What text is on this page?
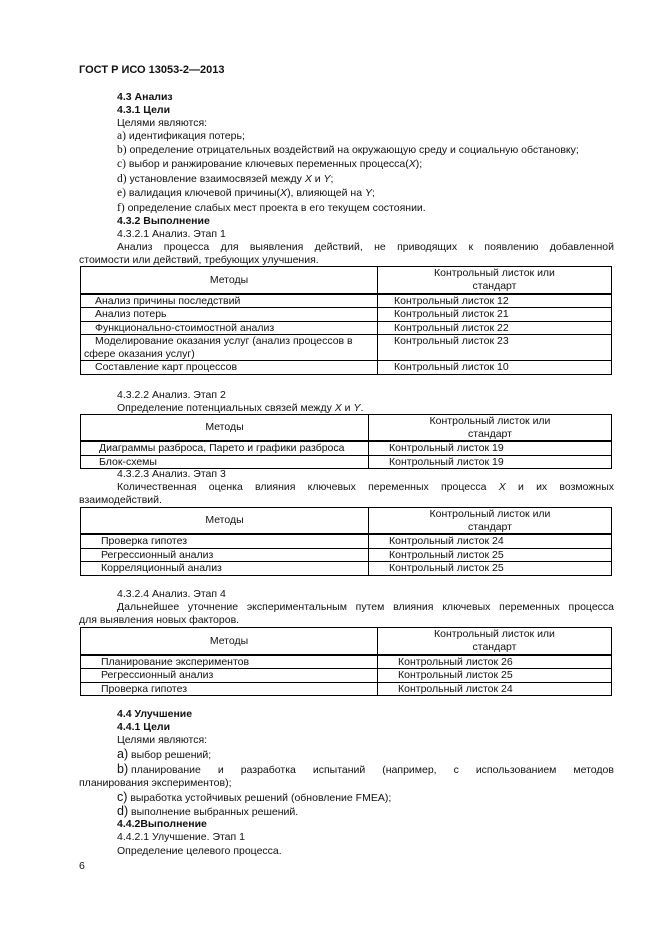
ГОСТ Р ИСО 13053-2—2013
4.3 Анализ
4.3.1 Цели
Целями являются:
a) идентификация потерь;
b) определение отрицательных воздействий на окружающую среду и социальную обстановку;
c) выбор и ранжирование ключевых переменных процесса(X);
d) установление взаимосвязей между X и Y;
e) валидация ключевой причины(X), влияющей на Y;
f) определение слабых мест проекта в его текущем состоянии.
4.3.2 Выполнение
4.3.2.1 Анализ. Этап 1
Анализ процесса для выявления действий, не приводящих к появлению добавленной
стоимости или действий, требующих улучшения.
Методы	Контрольный листок или
стандарт
Анализ причины последствий	Контрольный листок 12
Анализ потерь	Контрольный листок 21
Функционально-стоимостной анализ	Контрольный листок 22
Моделирование оказания услуг (анализ процессов в
сфере оказания услуг)	Контрольный листок 23
Составление карт процессов	Контрольный листок 10
4.3.2.2 Анализ. Этап 2
Определение потенциальных связей между X и Y.
Методы	Контрольный листок или
стандарт
Диаграммы разброса, Парето и графики разброса	Контрольный листок 19
Блок-схемы	Контрольный листок 19
4.3.2.3 Анализ. Этап 3
Количественная оценка влияния ключевых переменных процесса X и их возможных
взаимодействий.
Методы	Контрольный листок или
стандарт
Проверка гипотез	Контрольный листок 24
Регрессионный анализ	Контрольный листок 25
Корреляционный анализ	Контрольный листок 25
4.3.2.4 Анализ. Этап 4
Дальнейшее уточнение экспериментальным путем влияния ключевых переменных процесса
для выявления новых факторов.
Методы	Контрольный листок или
стандарт
Планирование экспериментов	Контрольный листок 26
Регрессионный анализ	Контрольный листок 25
Проверка гипотез	Контрольный листок 24
4.4 Улучшение
4.4.1 Цели
Целями являются:
a) выбор решений;
b) планирование и разработка испытаний (например, с использованием методов
планирования экспериментов);
c) выработка устойчивых решений (обновление FMEA);
d) выполнение выбранных решений.
4.4.2Выполнение
4.4.2.1 Улучшение. Этап 1
Определение целевого процесса.
6
